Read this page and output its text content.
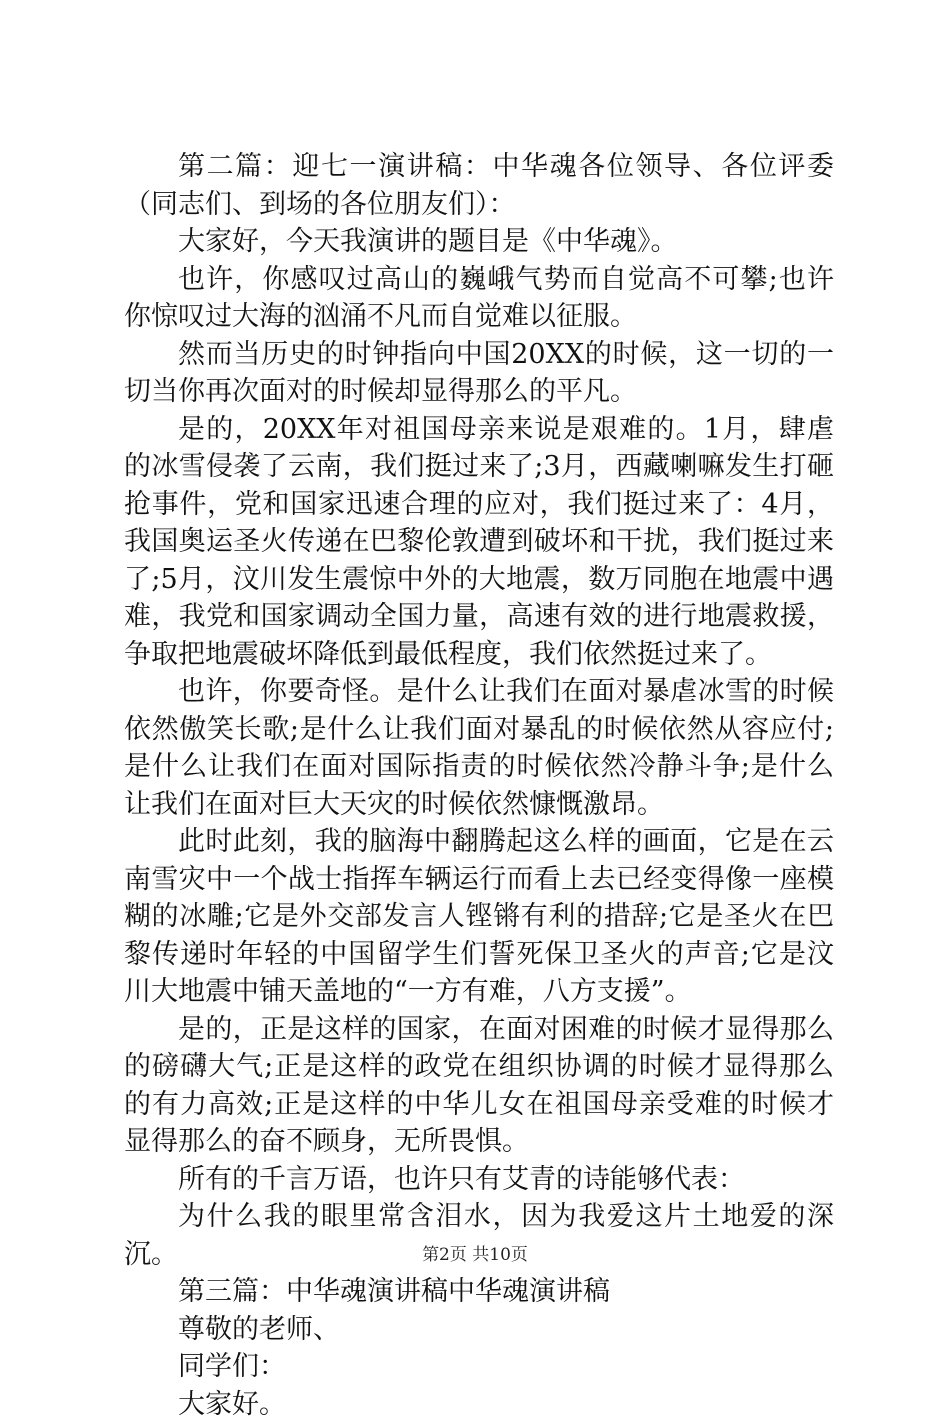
第二篇：迎七一演讲稿：中华魂各位领导、各位评委（同志们、到场的各位朋友们）：

大家好，今天我演讲的题目是《中华魂》。

也许，你感叹过高山的巍峨气势而自觉高不可攀;也许你惊叹过大海的汹涌不凡而自觉难以征服。

然而当历史的时钟指向中国20XX的时候，这一切的一切当你再次面对的时候却显得那么的平凡。

是的，20XX年对祖国母亲来说是艰难的。1月，肆虐的冰雪侵袭了云南，我们挺过来了;3月，西藏喇嘛发生打砸抢事件，党和国家迅速合理的应对，我们挺过来了：4月，我国奥运圣火传递在巴黎伦敦遭到破坏和干扰，我们挺过来了;5月，汶川发生震惊中外的大地震，数万同胞在地震中遇难，我党和国家调动全国力量，高速有效的进行地震救援，争取把地震破坏降低到最低程度，我们依然挺过来了。

也许，你要奇怪。是什么让我们在面对暴虐冰雪的时候依然傲笑长歌;是什么让我们面对暴乱的时候依然从容应付;是什么让我们在面对国际指责的时候依然冷静斗争;是什么让我们在面对巨大天灾的时候依然慷慨激昂。

此时此刻，我的脑海中翻腾起这么样的画面，它是在云南雪灾中一个战士指挥车辆运行而看上去已经变得像一座模糊的冰雕;它是外交部发言人铿锵有利的措辞;它是圣火在巴黎传递时年轻的中国留学生们誓死保卫圣火的声音;它是汶川大地震中铺天盖地的“一方有难，八方支援”。

是的，正是这样的国家，在面对困难的时候才显得那么的磅礴大气;正是这样的政党在组织协调的时候才显得那么的有力高效;正是这样的中华儿女在祖国母亲受难的时候才显得那么的奋不顾身，无所畏惧。

所有的千言万语，也许只有艾青的诗能够代表：

为什么我的眼里常含泪水，因为我爱这片土地爱的深沉。

第三篇：中华魂演讲稿中华魂演讲稿

尊敬的老师、

同学们：

大家好。

第2页 共10页
